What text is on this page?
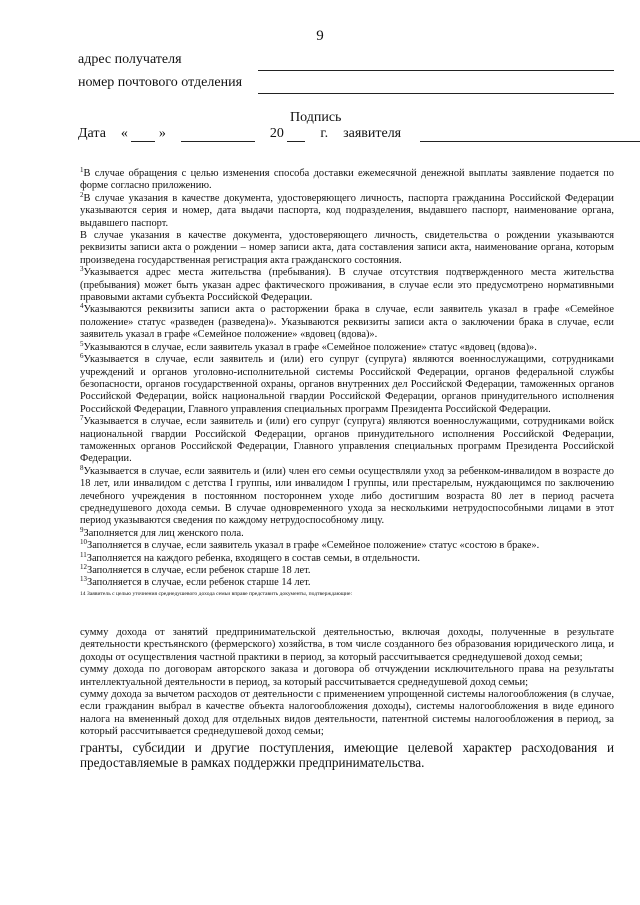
9
адрес получателя
номер почтового отделения
Подпись
Дата « »	20	г. заявителя

$^1$В случае обращения с целью изменения способа доставки ежемесячной денежной выплаты заявление подается по форме согласно приложению.

$^2$В случае указания в качестве документа, удостоверяющего личность, паспорта гражданина Российской Федерации указываются серия и номер, дата выдачи паспорта, код подразделения, выдавшего паспорт, наименование органа, выдавшего паспорт.

В случае указания в качестве документа, удостоверяющего личность, свидетельства о рождении указываются реквизиты записи акта о рождении – номер записи акта, дата составления записи акта, наименование органа, которым произведена государственная регистрация акта гражданского состояния.

$^3$Указывается адрес места жительства (пребывания). В случае отсутствия подтвержденного места жительства (пребывания) может быть указан адрес фактического проживания, в случае если это предусмотрено нормативными правовыми актами субъекта Российской Федерации.

$^4$Указываются реквизиты записи акта о расторжении брака в случае, если заявитель указал в графе «Семейное положение» статус «разведен (разведена)». Указываются реквизиты записи акта о заключении брака в случае, если заявитель указал в графе «Семейное положение» «вдовец (вдова)».

$^5$Указываются в случае, если заявитель указал в графе «Семейное положение» статус «вдовец (вдова)».

$^6$Указывается в случае, если заявитель и (или) его супруг (супруга) являются военнослужащими, сотрудниками учреждений и органов уголовно-исполнительной системы Российской Федерации, органов федеральной службы безопасности, органов государственной охраны, органов внутренних дел Российской Федерации, таможенных органов Российской Федерации, войск национальной гвардии Российской Федерации, органов принудительного исполнения Российской Федерации, Главного управления специальных программ Президента Российской Федерации.

$^7$Указывается в случае, если заявитель и (или) его супруг (супруга) являются военнослужащими, сотрудниками войск национальной гвардии Российской Федерации, органов принудительного исполнения Российской Федерации, таможенных органов Российской Федерации, Главного управления специальных программ Президента Российской Федерации.

$^8$Указывается в случае, если заявитель и (или) член его семьи осуществляли уход за ребенком-инвалидом в возрасте до 18 лет, или инвалидом с детства I группы, или инвалидом I группы, или престарелым, нуждающимся по заключению лечебного учреждения в постоянном постороннем уходе либо достигшим возраста 80 лет в период расчета среднедушевого дохода семьи. В случае одновременного ухода за несколькими нетрудоспособными лицами в этот период указываются сведения по каждому нетрудоспособному лицу.

$^9$Заполняется для лиц женского пола.

$^{10}$Заполняется в случае, если заявитель указал в графе «Семейное положение» статус «состою в браке».

$^{11}$Заполняется на каждого ребенка, входящего в состав семьи, в отдельности.

$^{12}$Заполняется в случае, если ребенок старше 18 лет.

$^{13}$Заполняется в случае, если ребенок старше 14 лет.

14 Заявитель с целью уточнения среднедушевого дохода семьи вправе представить документы, подтверждающие:

сумму дохода от занятий предпринимательской деятельностью, включая доходы, полученные в результате деятельности крестьянского (фермерского) хозяйства, в том числе созданного без образования юридического лица, и доходы от осуществления частной практики в период, за который рассчитывается среднедушевой доход семьи;

сумму дохода по договорам авторского заказа и договора об отчуждении исключительного права на результаты интеллектуальной деятельности в период, за который рассчитывается среднедушевой доход семьи;

сумму дохода за вычетом расходов от деятельности с применением упрощенной системы налогообложения (в случае, если гражданин выбрал в качестве объекта налогообложения доходы), системы налогообложения в виде единого налога на вмененный доход для отдельных видов деятельности, патентной системы налогообложения в период, за который рассчитывается среднедушевой доход семьи;

гранты, субсидии и другие поступления, имеющие целевой характер расходования и предоставляемые в рамках поддержки предпринимательства.
